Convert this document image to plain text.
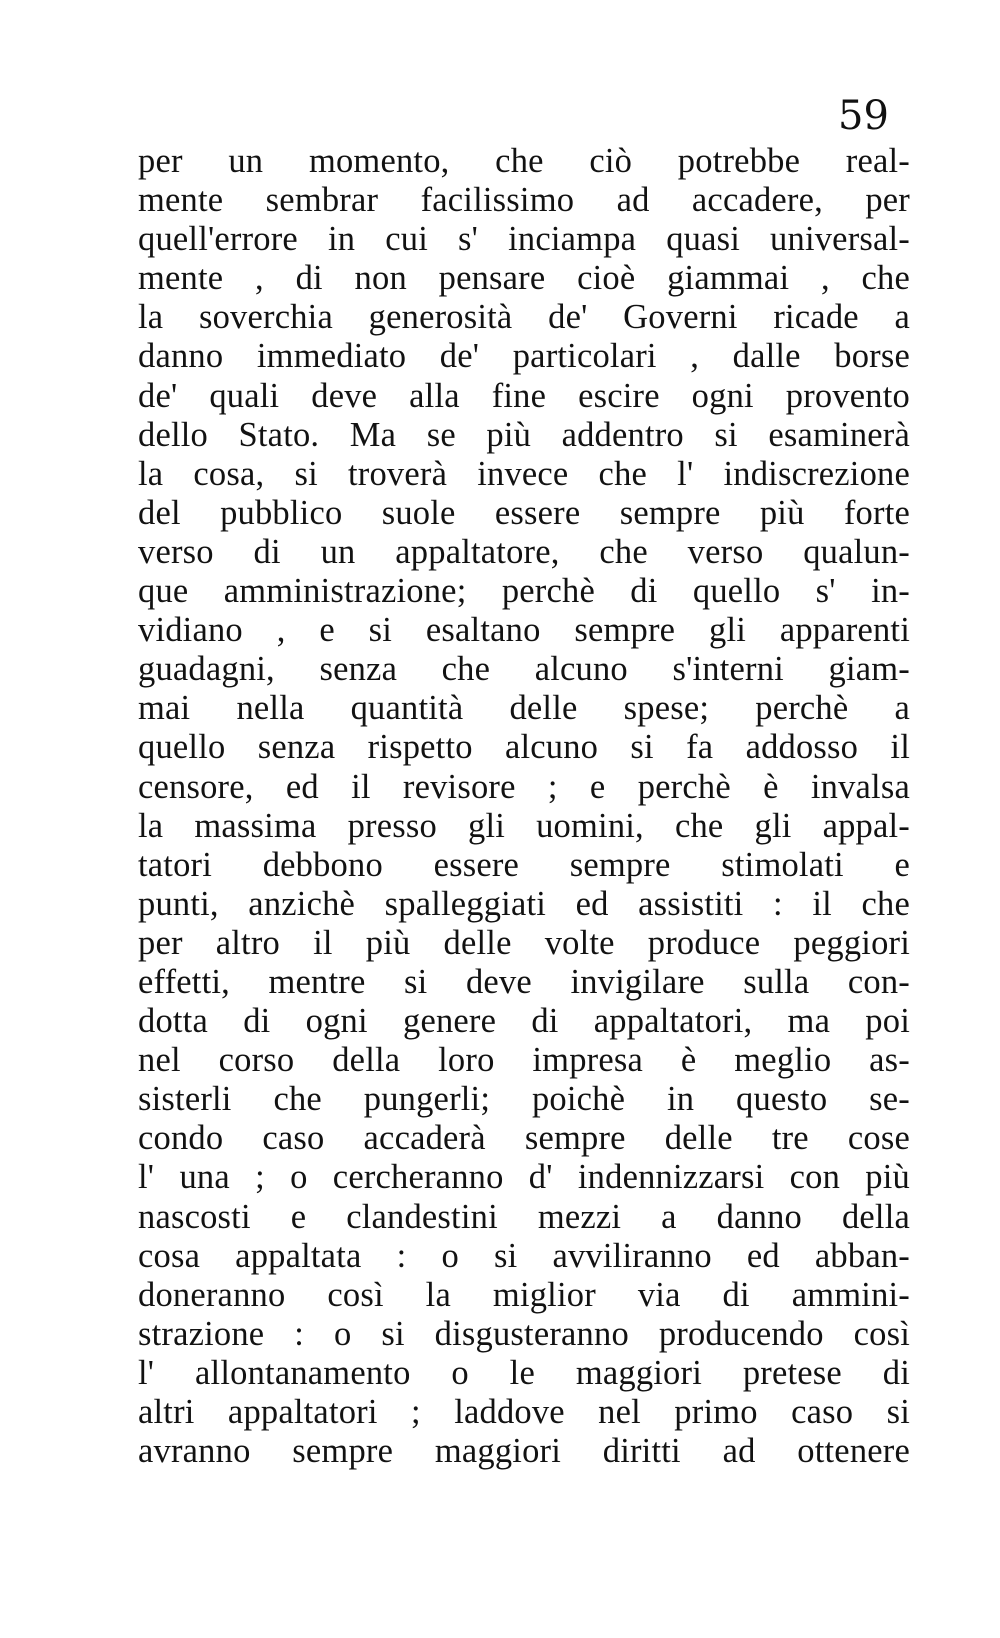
59
per un momento, che ciò potrebbe real-
mente sembrar facilissimo ad accadere, per
quell'errore in cui s' inciampa quasi universal-
mente , di non pensare cioè giammai , che
la soverchia generosità de' Governi ricade a
danno immediato de' particolari , dalle borse
de' quali deve alla fine escire ogni provento
dello Stato. Ma se più addentro si esaminerà
la cosa, si troverà invece che l' indiscrezione
del pubblico suole essere sempre più forte
verso di un appaltatore, che verso qualun-
que amministrazione; perchè di quello s' in-
vidiano , e si esaltano sempre gli apparenti
guadagni, senza che alcuno s'interni giam-
mai nella quantità delle spese; perchè a
quello senza rispetto alcuno si fa addosso il
censore, ed il revisore ; e perchè è invalsa
la massima presso gli uomini, che gli appal-
tatori debbono essere sempre stimolati e
punti, anzichè spalleggiati ed assistiti : il che
per altro il più delle volte produce peggiori
effetti, mentre si deve invigilare sulla con-
dotta di ogni genere di appaltatori, ma poi
nel corso della loro impresa è meglio as-
sisterli che pungerli; poichè in questo se-
condo caso accaderà sempre delle tre cose
l' una ; o cercheranno d' indennizzarsi con più
nascosti e clandestini mezzi a danno della
cosa appaltata : o si avviliranno ed abban-
doneranno così la miglior via di ammini-
strazione : o si disgusteranno producendo così
l' allontanamento o le maggiori pretese di
altri appaltatori ; laddove nel primo caso si
avranno sempre maggiori diritti ad ottenere
